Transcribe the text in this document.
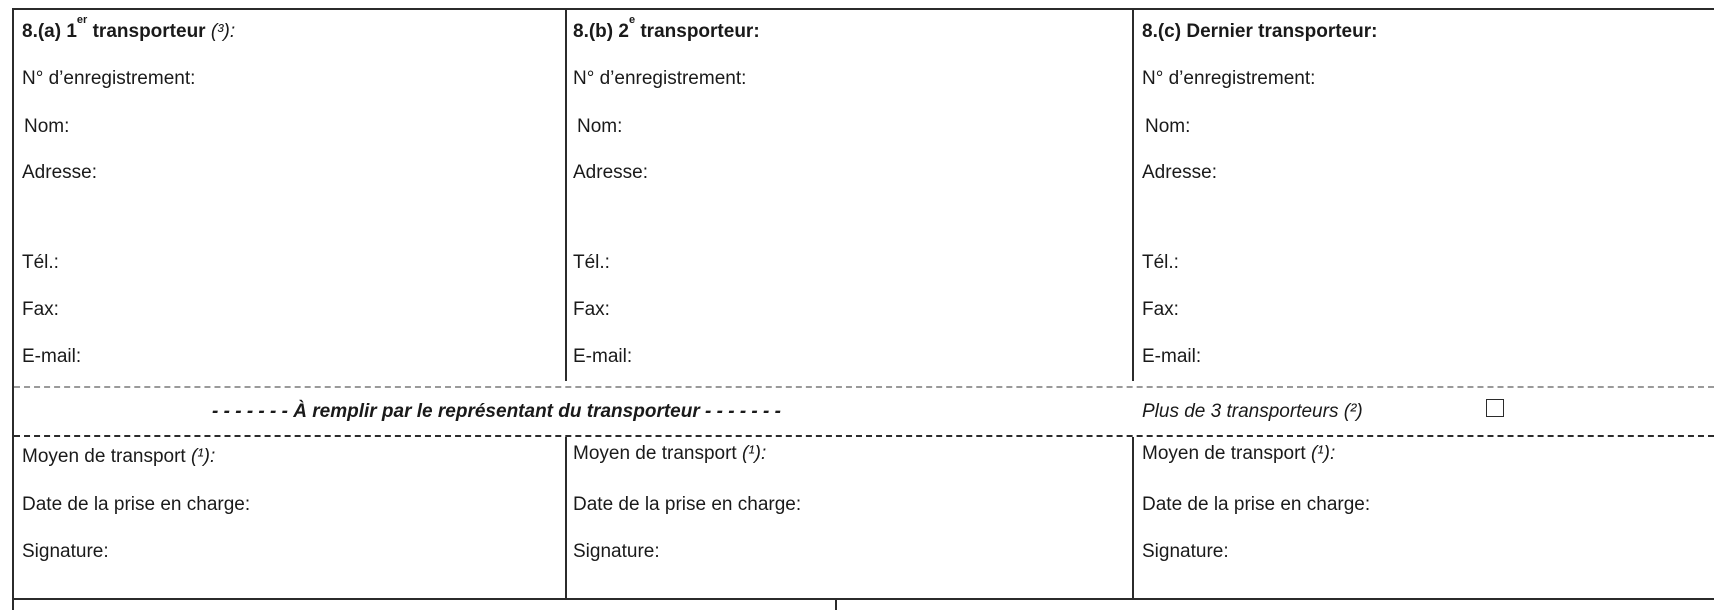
8.(a) 1er transporteur (³):
N° d’enregistrement:
Nom:
Adresse:
Tél.:
Fax:
E-mail:
Moyen de transport (¹):
Date de la prise en charge:
Signature:
8.(b) 2e transporteur:
N° d’enregistrement:
Nom:
Adresse:
Tél.:
Fax:
E-mail:
Moyen de transport (¹):
Date de la prise en charge:
Signature:
8.(c) Dernier transporteur:
N° d’enregistrement:
Nom:
Adresse:
Tél.:
Fax:
E-mail:
Moyen de transport (¹):
Date de la prise en charge:
Signature:
- - - - - - - À remplir par le représentant du transporteur - - - - - - -	Plus de 3 transporteurs (²)
